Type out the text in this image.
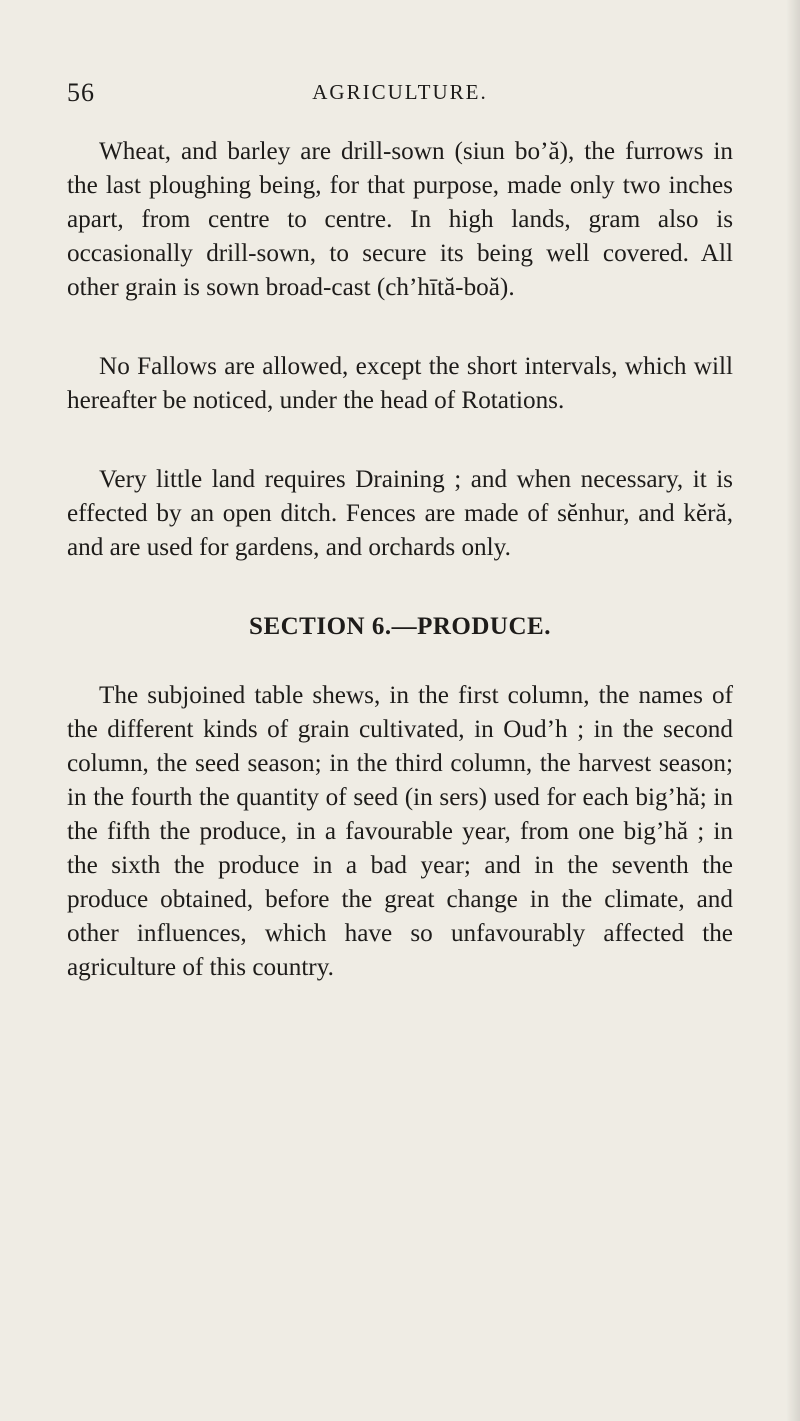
56	AGRICULTURE.

Wheat, and barley are drill-sown (siun bo’ă), the furrows in the last ploughing being, for that purpose, made only two inches apart, from centre to centre. In high lands, gram also is occasionally drill-sown, to secure its being well covered. All other grain is sown broad-cast (ch’hītă-boă).

No Fallows are allowed, except the short intervals, which will hereafter be noticed, under the head of Rotations.

Very little land requires Draining ; and when necessary, it is effected by an open ditch. Fences are made of sĕnhur, and kĕră, and are used for gardens, and orchards only.

SECTION 6.—PRODUCE.

The subjoined table shews, in the first column, the names of the different kinds of grain cultivated, in Oud’h ; in the second column, the seed season; in the third column, the harvest season; in the fourth the quantity of seed (in sers) used for each big’hă; in the fifth the produce, in a favourable year, from one big’hă ; in the sixth the produce in a bad year; and in the seventh the produce obtained, before the great change in the climate, and other influences, which have so unfavourably affected the agriculture of this country.
